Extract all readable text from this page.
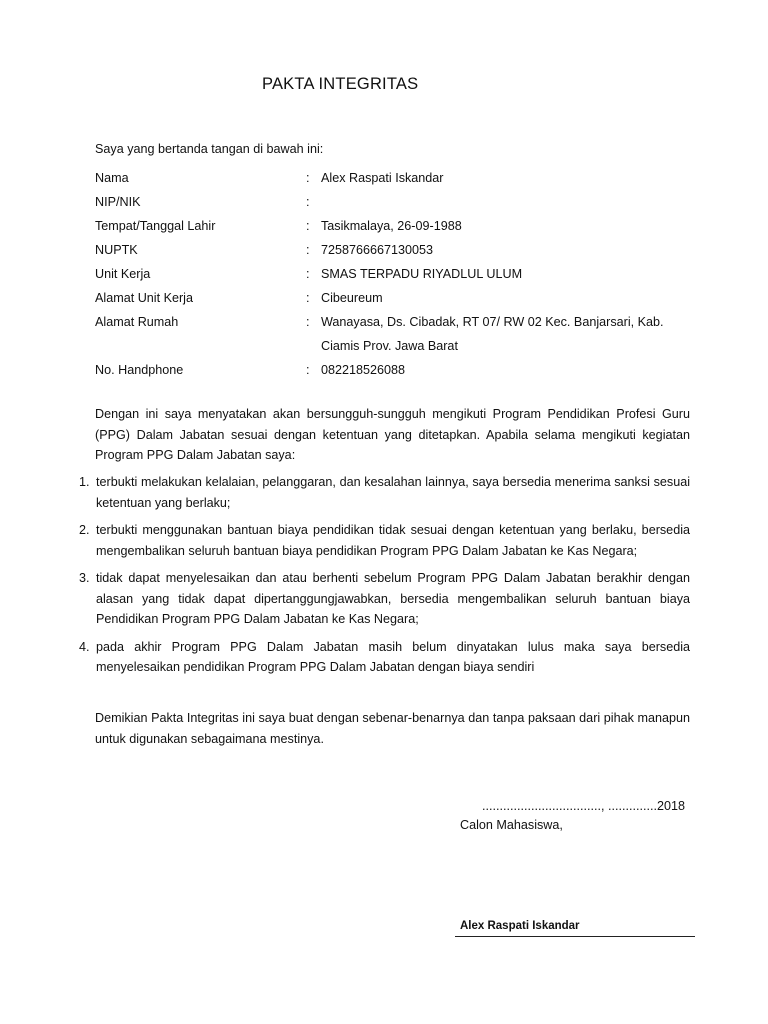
PAKTA INTEGRITAS
Saya yang bertanda tangan di bawah ini:
Nama	: Alex Raspati Iskandar
NIP/NIK	:
Tempat/Tanggal Lahir	: Tasikmalaya, 26-09-1988
NUPTK	: 7258766667130053
Unit Kerja	: SMAS TERPADU RIYADLUL ULUM
Alamat Unit Kerja	: Cibeureum
Alamat Rumah	: Wanayasa, Ds. Cibadak, RT 07/ RW 02 Kec. Banjarsari, Kab. Ciamis Prov. Jawa Barat
No. Handphone	: 082218526088
Dengan ini saya menyatakan akan bersungguh-sungguh mengikuti Program Pendidikan Profesi Guru (PPG) Dalam Jabatan sesuai dengan ketentuan yang ditetapkan. Apabila selama mengikuti kegiatan Program PPG Dalam Jabatan saya:
1. terbukti melakukan kelalaian, pelanggaran, dan kesalahan lainnya, saya bersedia menerima sanksi sesuai ketentuan yang berlaku;
2. terbukti menggunakan bantuan biaya pendidikan tidak sesuai dengan ketentuan yang berlaku, bersedia mengembalikan seluruh bantuan biaya pendidikan Program PPG Dalam Jabatan ke Kas Negara;
3. tidak dapat menyelesaikan dan atau berhenti sebelum Program PPG Dalam Jabatan berakhir dengan alasan yang tidak dapat dipertanggungjawabkan, bersedia mengembalikan seluruh bantuan biaya Pendidikan Program PPG Dalam Jabatan ke Kas Negara;
4. pada akhir Program PPG Dalam Jabatan masih belum dinyatakan lulus maka saya bersedia menyelesaikan pendidikan Program PPG Dalam Jabatan dengan biaya sendiri
Demikian Pakta Integritas ini saya buat dengan sebenar-benarnya dan tanpa paksaan dari pihak manapun untuk digunakan sebagaimana mestinya.
.................................., ..............2018
Calon Mahasiswa,
Alex Raspati Iskandar
